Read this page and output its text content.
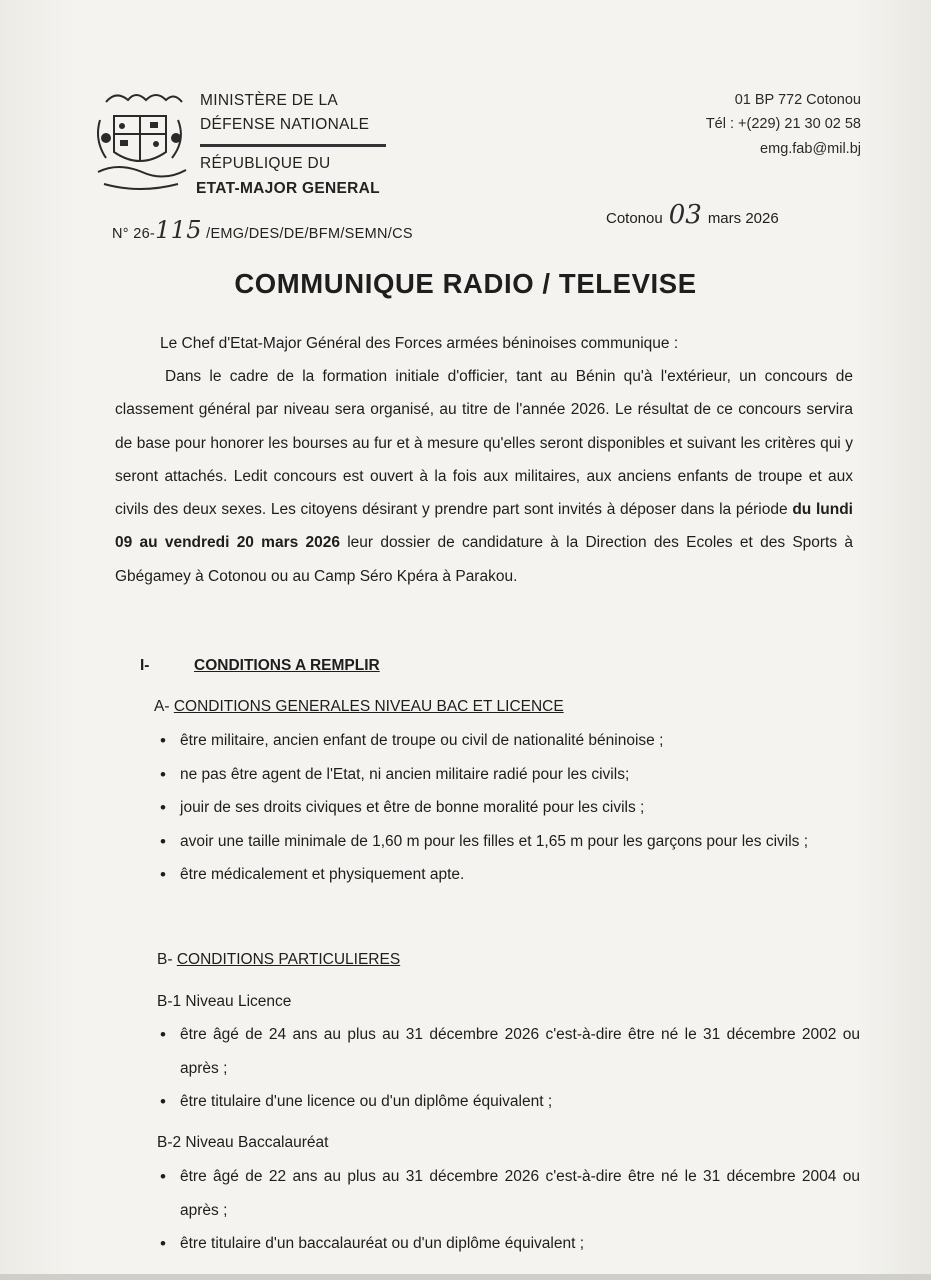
MINISTÈRE DE LA
DÉFENSE NATIONALE
RÉPUBLIQUE DU
ETAT-MAJOR GENERAL
N° 26-115 /EMG/DES/DE/BFM/SEMN/CS
01 BP 772 Cotonou
Tél : +(229) 21 30 02 58
emg.fab@mil.bj
Cotonou 03 mars 2026
COMMUNIQUE RADIO / TELEVISE
Le Chef d'Etat-Major Général des Forces armées béninoises communique :
Dans le cadre de la formation initiale d'officier, tant au Bénin qu'à l'extérieur, un concours de classement général par niveau sera organisé, au titre de l'année 2026. Le résultat de ce concours servira de base pour honorer les bourses au fur et à mesure qu'elles seront disponibles et suivant les critères qui y seront attachés. Ledit concours est ouvert à la fois aux militaires, aux anciens enfants de troupe et aux civils des deux sexes. Les citoyens désirant y prendre part sont invités à déposer dans la période du lundi 09 au vendredi 20 mars 2026 leur dossier de candidature à la Direction des Ecoles et des Sports à Gbégamey à Cotonou ou au Camp Séro Kpéra à Parakou.
I-	CONDITIONS A REMPLIR
A- CONDITIONS GENERALES NIVEAU BAC ET LICENCE
• être militaire, ancien enfant de troupe ou civil de nationalité béninoise ;
• ne pas être agent de l'Etat, ni ancien militaire radié pour les civils;
• jouir de ses droits civiques et être de bonne moralité pour les civils ;
• avoir une taille minimale de 1,60 m pour les filles et 1,65 m pour les garçons pour les civils ;
• être médicalement et physiquement apte.
B- CONDITIONS PARTICULIERES
B-1 Niveau Licence
• être âgé de 24 ans au plus au 31 décembre 2026 c'est-à-dire être né le 31 décembre 2002 ou après ;
• être titulaire d'une licence ou d'un diplôme équivalent ;
B-2 Niveau Baccalauréat
• être âgé de 22 ans au plus au 31 décembre 2026 c'est-à-dire être né le 31 décembre 2004 ou après ;
• être titulaire d'un baccalauréat ou d'un diplôme équivalent ;
